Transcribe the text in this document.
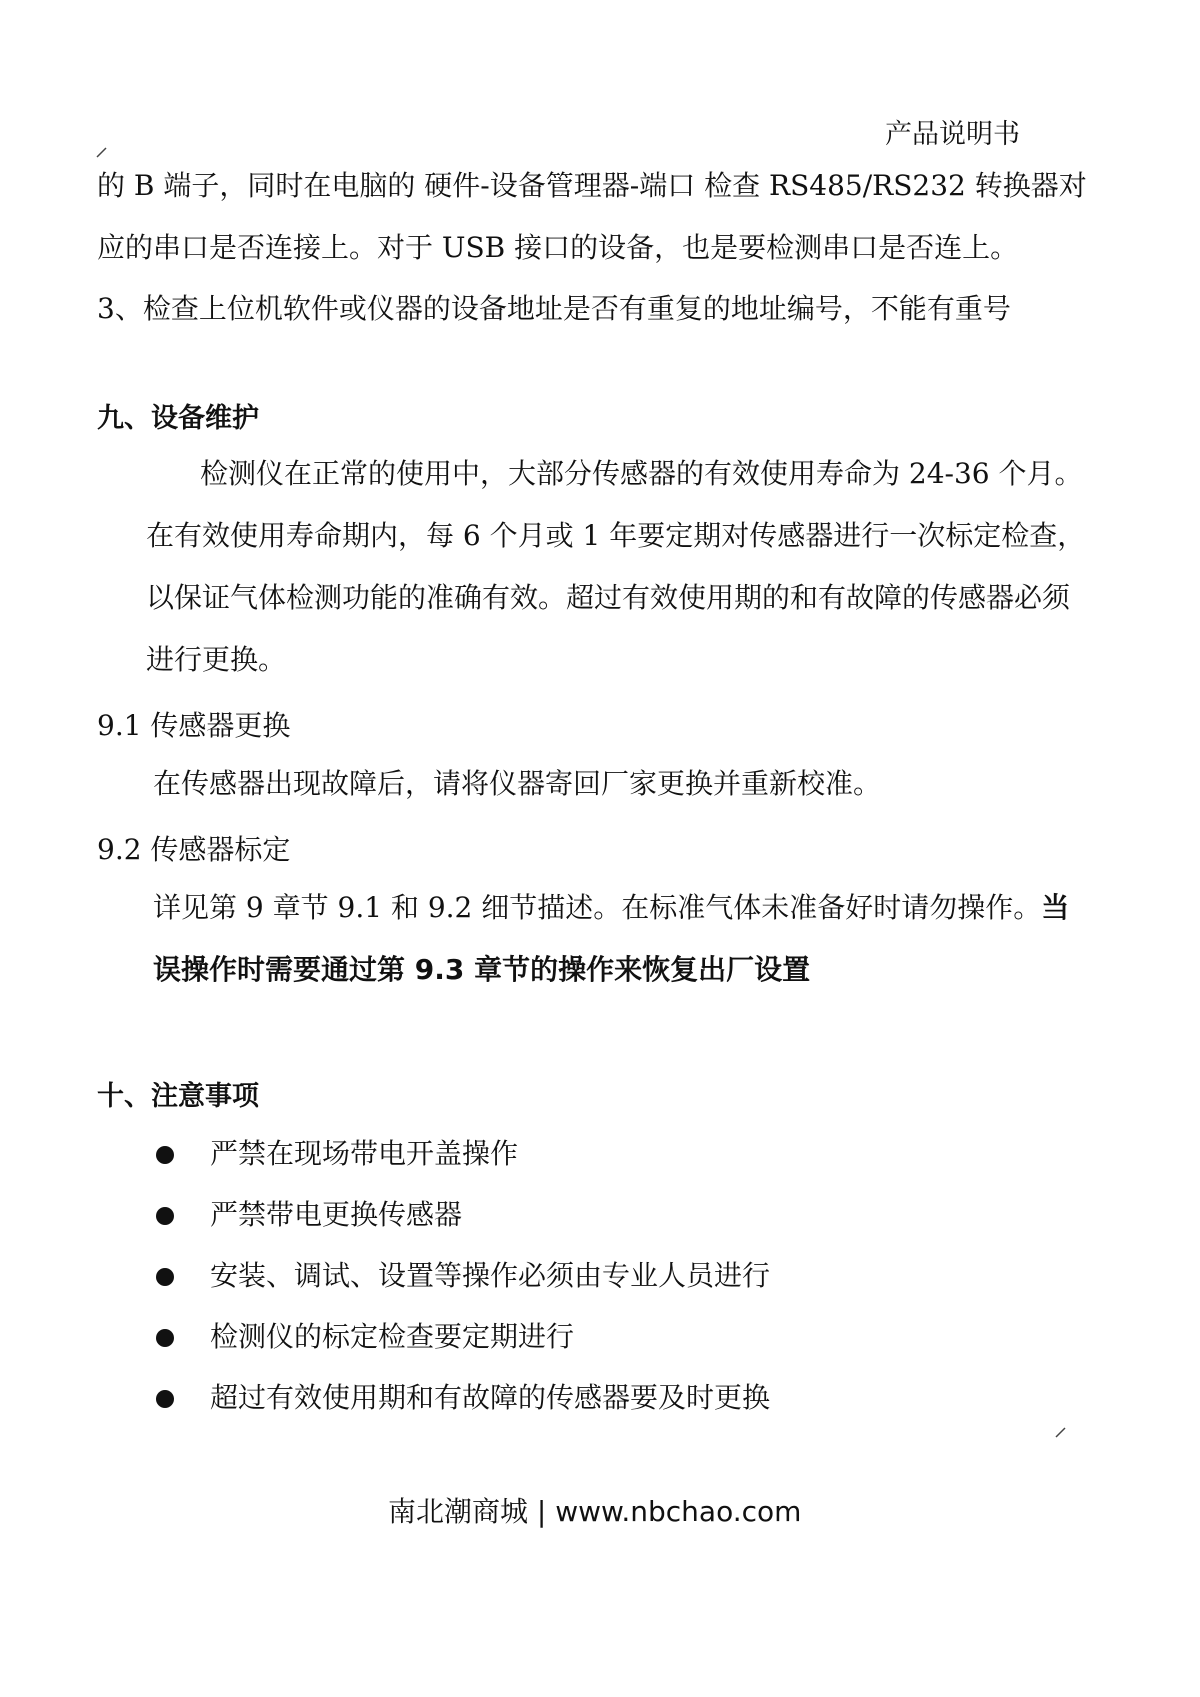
产品说明书
的 B 端子，同时在电脑的 硬件-设备管理器-端口 检查 RS485/RS232 转换器对
应的串口是否连接上。对于 USB 接口的设备，也是要检测串口是否连上。
3、检查上位机软件或仪器的设备地址是否有重复的地址编号，不能有重号
九、设备维护
检测仪在正常的使用中，大部分传感器的有效使用寿命为 24-36 个月。
在有效使用寿命期内，每 6 个月或 1 年要定期对传感器进行一次标定检查，
以保证气体检测功能的准确有效。超过有效使用期的和有故障的传感器必须
进行更换。
9.1 传感器更换
在传感器出现故障后，请将仪器寄回厂家更换并重新校准。
9.2 传感器标定
详见第 9 章节 9.1 和 9.2 细节描述。在标准气体未准备好时请勿操作。当
误操作时需要通过第 9.3 章节的操作来恢复出厂设置
十、注意事项
严禁在现场带电开盖操作
严禁带电更换传感器
安装、调试、设置等操作必须由专业人员进行
检测仪的标定检查要定期进行
超过有效使用期和有故障的传感器要及时更换
南北潮商城 | www.nbchao.com
